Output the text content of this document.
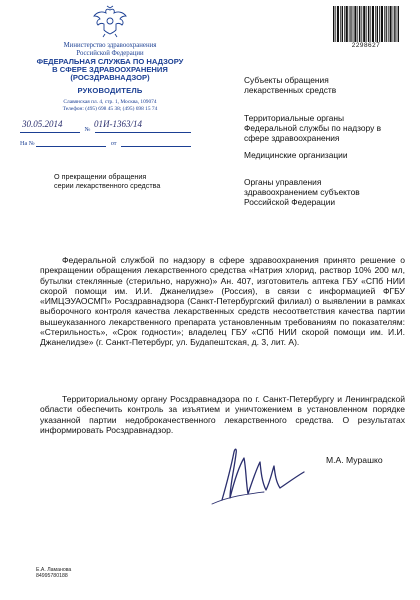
Министерство здравоохранения
Российской Федерации
ФЕДЕРАЛЬНАЯ СЛУЖБА ПО НАДЗОРУ
В СФЕРЕ ЗДРАВООХРАНЕНИЯ
(РОСЗДРАВНАДЗОР)
РУКОВОДИТЕЛЬ
Славянская пл. 4, стр. 1, Москва, 109074
Телефон: (495) 698 45 38; (495) 698 15 74
№
30.05.2014	01И-1363/14
На №	от
2298627
Субъекты обращения
лекарственных средств
Территориальные органы
Федеральной службы по надзору в
сфере здравоохранения
Медицинские организации
Органы управления
здравоохранением субъектов
Российской Федерации
О прекращении обращения
серии лекарственного средства
Федеральной службой по надзору в сфере здравоохранения принято решение о прекращении обращения лекарственного средства «Натрия хлорид, раствор 10% 200 мл, бутылки стеклянные (стерильно, наружно)» Ан. 407, изготовитель аптека ГБУ «СПб НИИ скорой помощи им. И.И. Джанелидзе» (Россия), в связи с информацией ФГБУ «ИМЦЭУАОСМП» Росздравнадзора (Санкт-Петербургский филиал) о выявлении в рамках выборочного контроля качества лекарственных средств несоответствия качества партии вышеуказанного лекарственного препарата установленным требованиям по показателям: «Стерильность», «Срок годности»; владелец ГБУ «СПб НИИ скорой помощи им. И.И. Джанелидзе» (г. Санкт-Петербург, ул. Будапештская, д. 3, лит. А).
Территориальному органу Росздравнадзора по г. Санкт-Петербургу и Ленинградской области обеспечить контроль за изъятием и уничтожением в установленном порядке указанной партии недоброкачественного лекарственного средства. О результатах информировать Росздравнадзор.
М.А. Мурашко
Е.А. Ламанова
84995780188
